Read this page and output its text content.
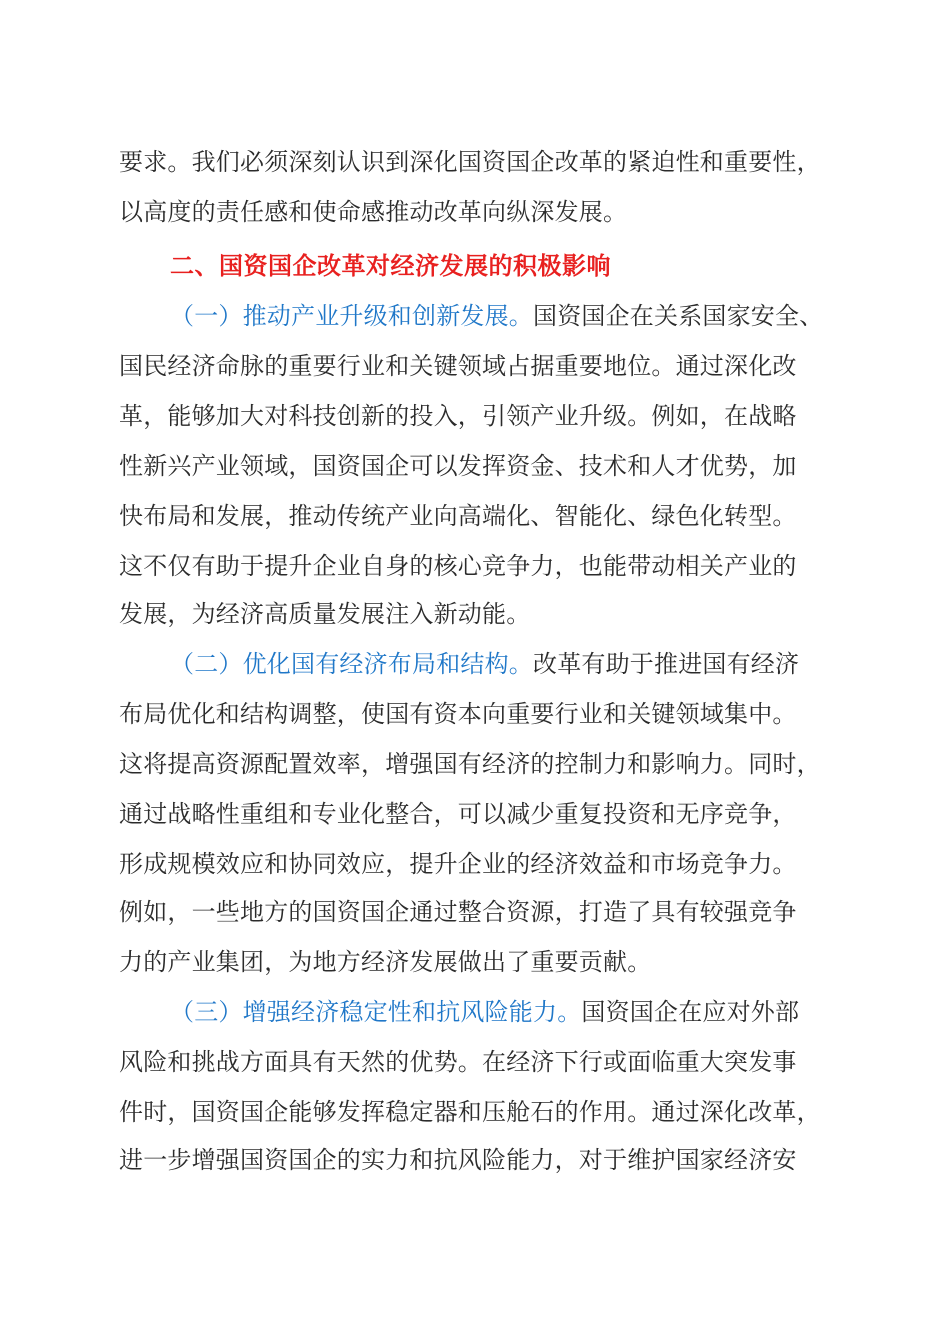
要求。我们必须深刻认识到深化国资国企改革的紧迫性和重要性，
以高度的责任感和使命感推动改革向纵深发展。
二、国资国企改革对经济发展的积极影响
（一）推动产业升级和创新发展。国资国企在关系国家安全、
国民经济命脉的重要行业和关键领域占据重要地位。通过深化改
革，能够加大对科技创新的投入，引领产业升级。例如，在战略
性新兴产业领域，国资国企可以发挥资金、技术和人才优势，加
快布局和发展，推动传统产业向高端化、智能化、绿色化转型。
这不仅有助于提升企业自身的核心竞争力，也能带动相关产业的
发展，为经济高质量发展注入新动能。
（二）优化国有经济布局和结构。改革有助于推进国有经济
布局优化和结构调整，使国有资本向重要行业和关键领域集中。
这将提高资源配置效率，增强国有经济的控制力和影响力。同时，
通过战略性重组和专业化整合，可以减少重复投资和无序竞争，
形成规模效应和协同效应，提升企业的经济效益和市场竞争力。
例如，一些地方的国资国企通过整合资源，打造了具有较强竞争
力的产业集团，为地方经济发展做出了重要贡献。
（三）增强经济稳定性和抗风险能力。国资国企在应对外部
风险和挑战方面具有天然的优势。在经济下行或面临重大突发事
件时，国资国企能够发挥稳定器和压舱石的作用。通过深化改革，
进一步增强国资国企的实力和抗风险能力，对于维护国家经济安
